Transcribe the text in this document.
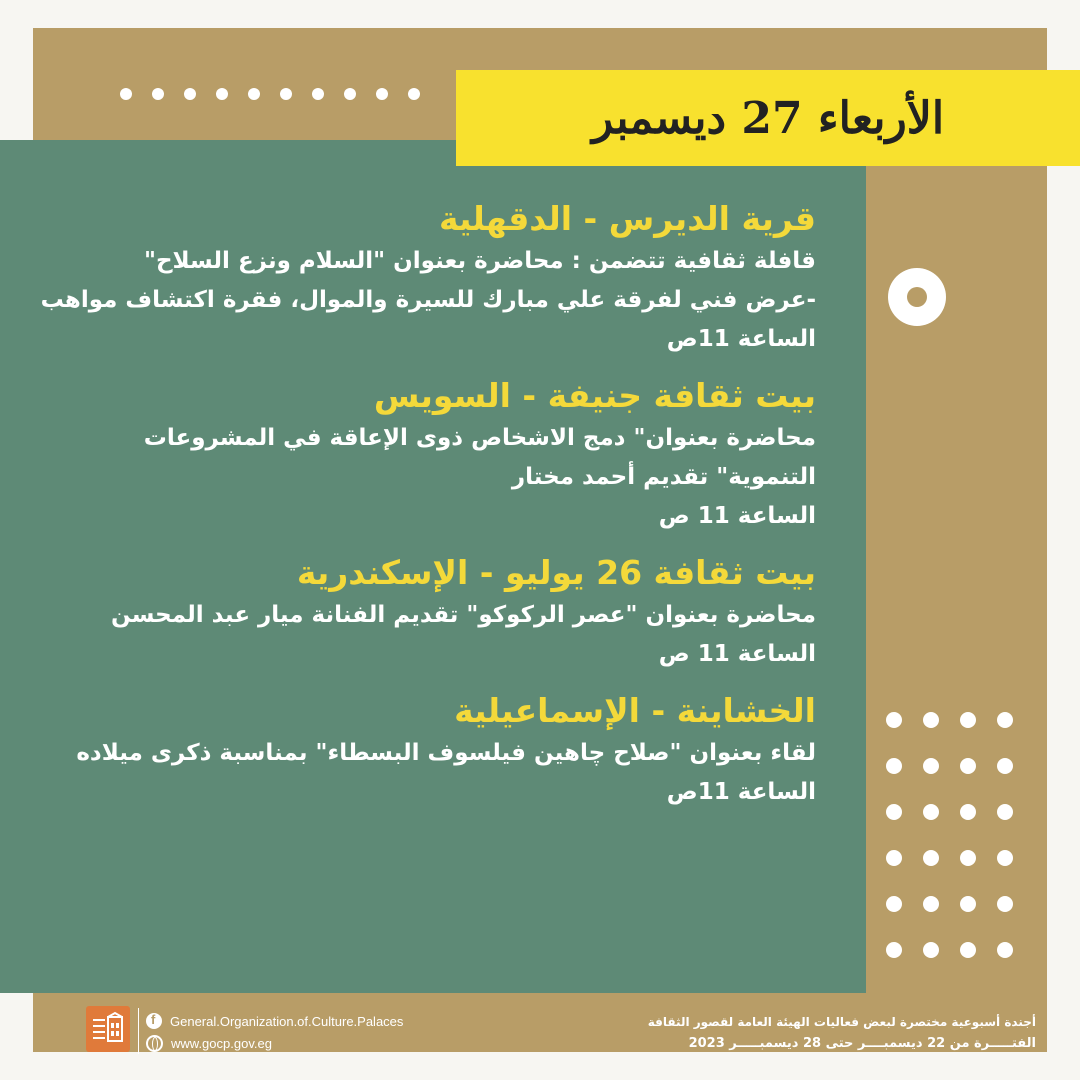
الأربعاء 27 ديسمبر
قرية الديرس - الدقهلية
قافلة ثقافية تتضمن : محاضرة بعنوان "السلام ونزع السلاح"
-عرض فني لفرقة علي مبارك للسيرة والموال، فقرة اكتشاف مواهب
الساعة 11ص
بيت ثقافة جنيفة - السويس
محاضرة بعنوان" دمج الاشخاص ذوى الإعاقة في المشروعات
التنموية" تقديم أحمد مختار
الساعة 11 ص
بيت ثقافة 26 يوليو - الإسكندرية
محاضرة بعنوان "عصر الركوكو" تقديم الفنانة ميار عبد المحسن
الساعة 11 ص
الخشاينة - الإسماعيلية
لقاء بعنوان "صلاح چاهين فيلسوف البسطاء" بمناسبة ذكرى ميلاده
الساعة 11ص
f
General.Organization.of.Culture.Palaces
www.gocp.gov.eg
أجندة أسبوعية مختصرة لبعض فعاليات الهيئة العامة لقصور الثقافة
الفتـــــرة من 22 ديسمبــــر حتى 28 ديسمبـــــر 2023
